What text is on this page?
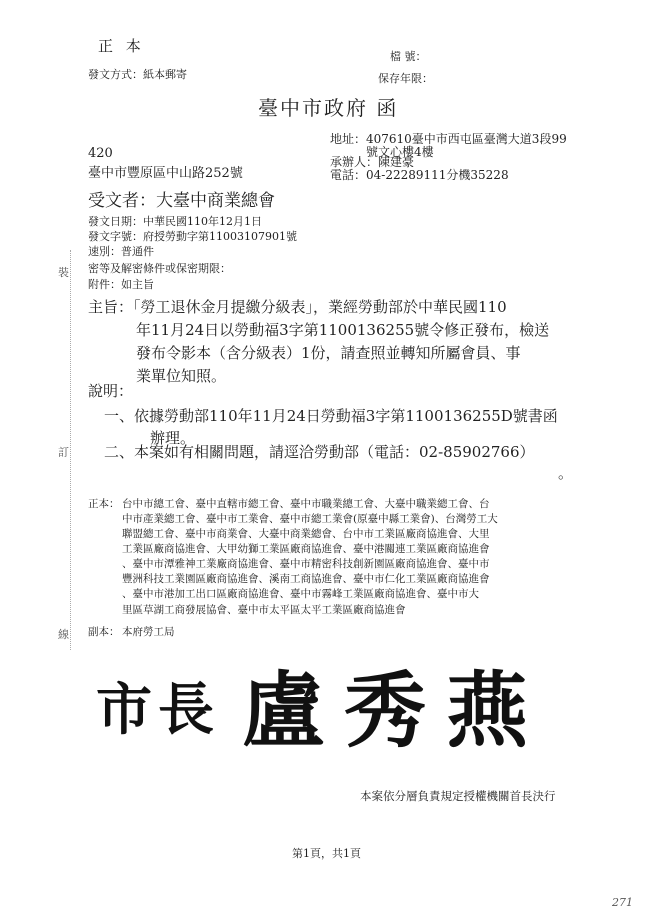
正 本
發文方式：紙本郵寄
檔 號：
保存年限：
臺中市政府 函
420
臺中市豐原區中山路252號
地址：407610臺中市西屯區臺灣大道3段99
號文心樓4樓
承辦人：陳建豪
電話：04-22289111分機35228
受文者：大臺中商業總會
發文日期：中華民國110年12月1日
發文字號：府授勞動字第11003107901號
速別：普通件
密等及解密條件或保密期限：
附件：如主旨
裝
訂
線
主旨：「勞工退休金月提繳分級表」，業經勞動部於中華民國110
年11月24日以勞動福3字第1100136255號令修正發布，檢送
發布令影本（含分級表）1份，請查照並轉知所屬會員、事
業單位知照。
說明：
一、依據勞動部110年11月24日勞動福3字第1100136255D號書函
辦理。
二、本案如有相關問題，請逕洽勞動部（電話：02-85902766）
。
正本： 台中市總工會、臺中直轄市總工會、臺中市職業總工會、大臺中職業總工會、台
中市產業總工會、臺中市工業會、臺中市總工業會(原臺中縣工業會)、台灣勞工大
聯盟總工會、臺中市商業會、大臺中商業總會、台中市工業區廠商協進會、大里
工業區廠商協進會、大甲幼獅工業區廠商協進會、臺中港關連工業區廠商協進會
、臺中市潭雅神工業廠商協進會、臺中市精密科技創新園區廠商協進會、臺中市
豐洲科技工業園區廠商協進會、溪南工商協進會、臺中市仁化工業區廠商協進會
、臺中市港加工出口區廠商協進會、臺中市霧峰工業區廠商協進會、臺中市大
里區草湖工商發展協會、臺中市太平區太平工業區廠商協進會
副本： 本府勞工局
市長 盧秀燕
本案依分層負責規定授權機關首長決行
第1頁，共1頁
271
